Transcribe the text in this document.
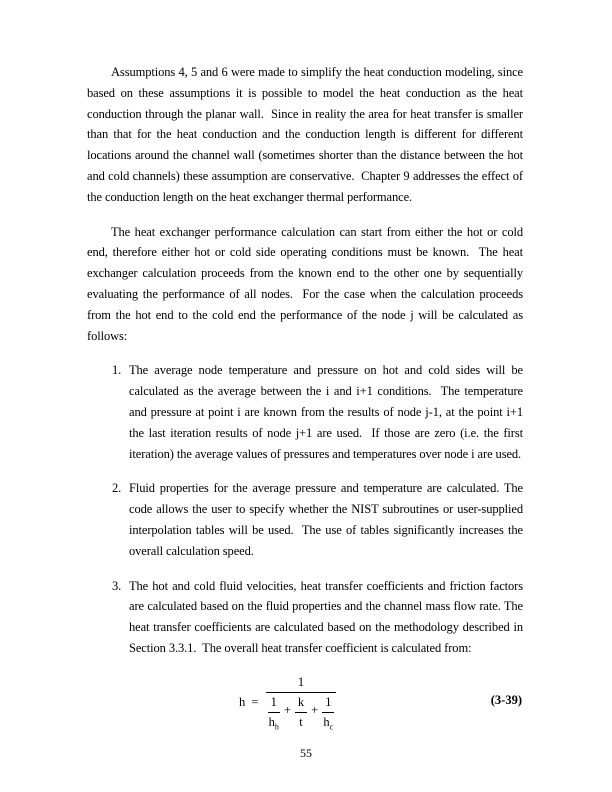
Assumptions 4, 5 and 6 were made to simplify the heat conduction modeling, since based on these assumptions it is possible to model the heat conduction as the heat conduction through the planar wall.  Since in reality the area for heat transfer is smaller than that for the heat conduction and the conduction length is different for different locations around the channel wall (sometimes shorter than the distance between the hot and cold channels) these assumption are conservative.  Chapter 9 addresses the effect of the conduction length on the heat exchanger thermal performance.

The heat exchanger performance calculation can start from either the hot or cold end, therefore either hot or cold side operating conditions must be known.  The heat exchanger calculation proceeds from the known end to the other one by sequentially evaluating the performance of all nodes.  For the case when the calculation proceeds from the hot end to the cold end the performance of the node j will be calculated as follows:

1. The average node temperature and pressure on hot and cold sides will be calculated as the average between the i and i+1 conditions.  The temperature and pressure at point i are known from the results of node j-1, at the point i+1 the last iteration results of node j+1 are used.  If those are zero (i.e. the first iteration) the average values of pressures and temperatures over node i are used.
2. Fluid properties for the average pressure and temperature are calculated. The code allows the user to specify whether the NIST subroutines or user-supplied interpolation tables will be used.  The use of tables significantly increases the overall calculation speed.
3. The hot and cold fluid velocities, heat transfer coefficients and friction factors are calculated based on the fluid properties and the channel mass flow rate. The heat transfer coefficients are calculated based on the methodology described in Section 3.3.1.  The overall heat transfer coefficient is calculated from:
h =
1
$\frac{1}{h_h} + \frac{k}{t} + \frac{1}{h_c}$	(3-39)
55
